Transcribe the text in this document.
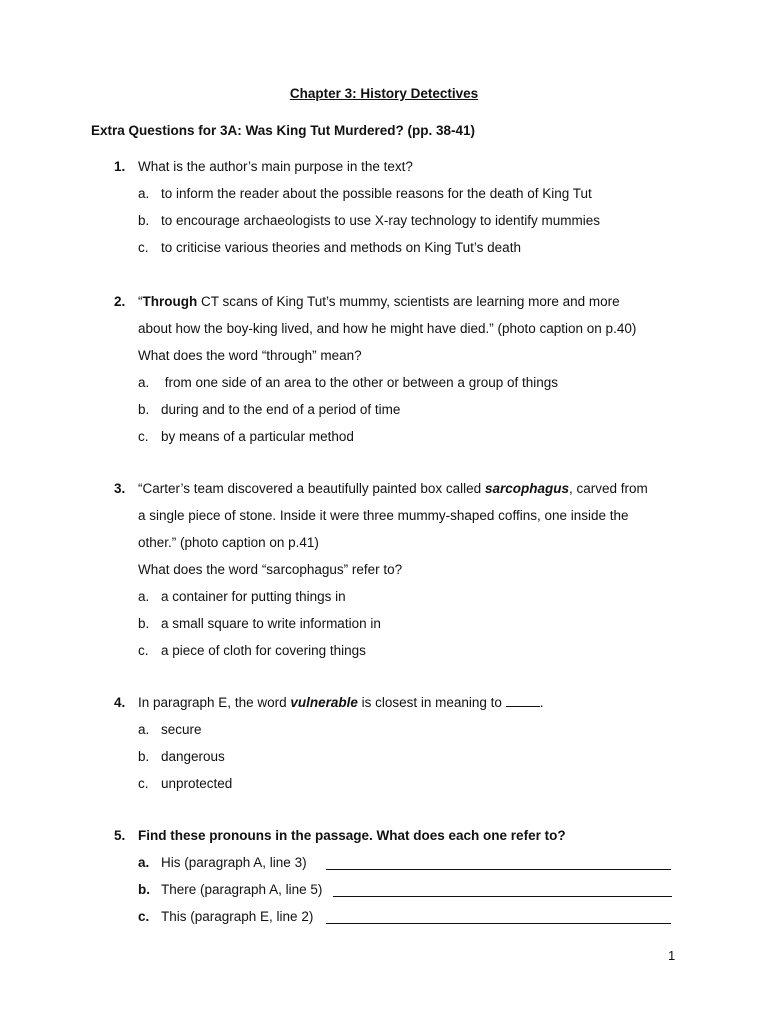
Chapter 3: History Detectives
Extra Questions for 3A: Was King Tut Murdered? (pp. 38-41)
1. What is the author’s main purpose in the text?
a. to inform the reader about the possible reasons for the death of King Tut
b. to encourage archaeologists to use X-ray technology to identify mummies
c. to criticise various theories and methods on King Tut’s death
2. “Through CT scans of King Tut’s mummy, scientists are learning more and more
about how the boy-king lived, and how he might have died.” (photo caption on p.40)
What does the word “through” mean?
a. from one side of an area to the other or between a group of things
b. during and to the end of a period of time
c. by means of a particular method
3. “Carter’s team discovered a beautifully painted box called sarcophagus, carved from
a single piece of stone. Inside it were three mummy-shaped coffins, one inside the
other.” (photo caption on p.41)
What does the word “sarcophagus” refer to?
a. a container for putting things in
b. a small square to write information in
c. a piece of cloth for covering things
4. In paragraph E, the word vulnerable is closest in meaning to	.
a. secure
b. dangerous
c. unprotected
5. Find these pronouns in the passage. What does each one refer to?
a. His (paragraph A, line 3)
b. There (paragraph A, line 5)
c. This (paragraph E, line 2)
1
